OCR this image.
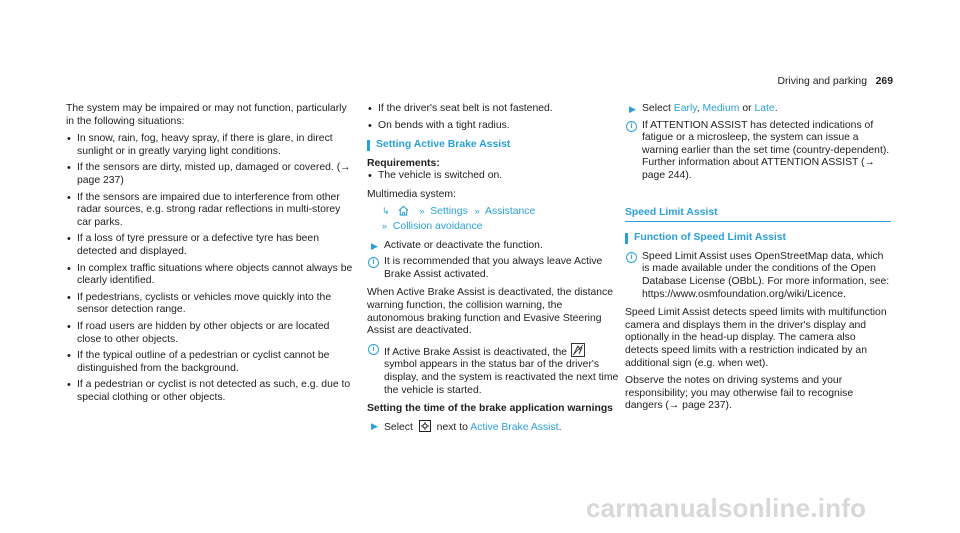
Driving and parking 269

The system may be impaired or may not function, particularly in the following situations:

• In snow, rain, fog, heavy spray, if there is glare, in direct sunlight or in greatly varying light conditions.
• If the sensors are dirty, misted up, damaged or covered. (→ page 237)
• If the sensors are impaired due to interference from other radar sources, e.g. strong radar reflections in multi-storey car parks.
• If a loss of tyre pressure or a defective tyre has been detected and displayed.
• In complex traffic situations where objects cannot always be clearly identified.
• If pedestrians, cyclists or vehicles move quickly into the sensor detection range.
• If road users are hidden by other objects or are located close to other objects.
• If the typical outline of a pedestrian or cyclist cannot be distinguished from the background.
• If a pedestrian or cyclist is not detected as such, e.g. due to special clothing or other objects.
• If the driver's seat belt is not fastened.
• On bends with a tight radius.
Setting Active Brake Assist
Requirements:
• The vehicle is switched on.
Multimedia system:
↳	» Settings » Assistance
» Collision avoidance
▶ Activate or deactivate the function.
i It is recommended that you always leave Active Brake Assist activated.

When Active Brake Assist is deactivated, the distance warning function, the collision warning, the autonomous braking function and Evasive Steering Assist are deactivated.

i If Active Brake Assist is deactivated, the  symbol appears in the status bar of the driver's display, and the system is reactivated the next time the vehicle is started.
Setting the time of the brake application warnings
▶ Select next to Active Brake Assist.
▶ Select Early, Medium or Late.
i If ATTENTION ASSIST has detected indications of fatigue or a microsleep, the system can issue a warning earlier than the set time (country-dependent). Further information about ATTENTION ASSIST (→ page 244).
Speed Limit Assist
Function of Speed Limit Assist
i Speed Limit Assist uses OpenStreetMap data, which is made available under the conditions of the Open Database License (OBbL). For more information, see: https://www.osmfoundation.org/wiki/Licence.

Speed Limit Assist detects speed limits with multifunction camera and displays them in the driver's display and optionally in the head-up display. The camera also detects speed limits with a restriction indicated by an additional sign (e.g. when wet).

Observe the notes on driving systems and your responsibility; you may otherwise fail to recognise dangers (→ page 237).

carmanualsonline.info
